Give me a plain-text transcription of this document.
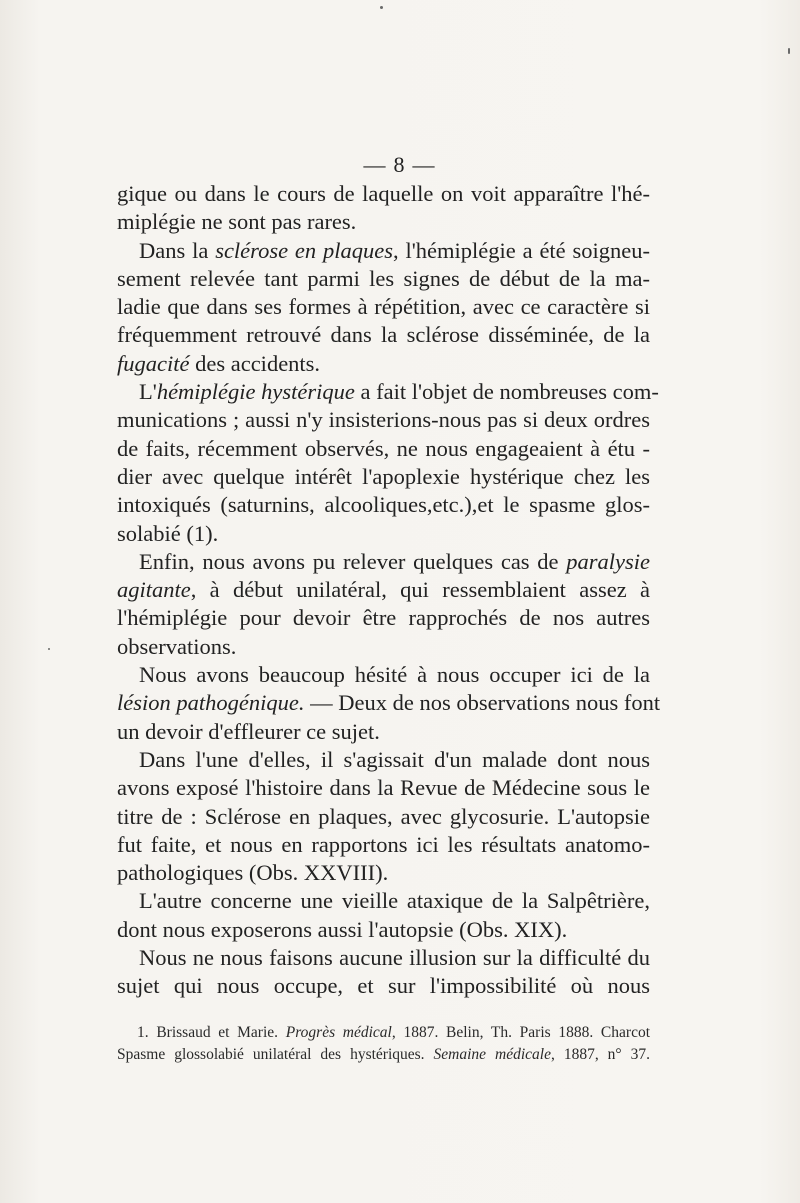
— 8 —

gique ou dans le cours de laquelle on voit apparaître l'hé-
miplégie ne sont pas rares.

Dans la sclérose en plaques, l'hémiplégie a été soigneu-
sement relevée tant parmi les signes de début de la ma-
ladie que dans ses formes à répétition, avec ce caractère si
fréquemment retrouvé dans la sclérose disséminée, de la
fugacité des accidents.

L'hémiplégie hystérique a fait l'objet de nombreuses com-
munications ; aussi n'y insisterions-nous pas si deux ordres
de faits, récemment observés, ne nous engageaient à étu -
dier avec quelque intérêt l'apoplexie hystérique chez les
intoxiqués (saturnins, alcooliques,etc.),et le spasme glos-
solabié (1).

Enfin, nous avons pu relever quelques cas de paralysie
agitante, à début unilatéral, qui ressemblaient assez à
l'hémiplégie pour devoir être rapprochés de nos autres
observations.

Nous avons beaucoup hésité à nous occuper ici de la
lésion pathogénique. — Deux de nos observations nous font
un devoir d'effleurer ce sujet.

Dans l'une d'elles, il s'agissait d'un malade dont nous
avons exposé l'histoire dans la Revue de Médecine sous le
titre de : Sclérose en plaques, avec glycosurie. L'autopsie
fut faite, et nous en rapportons ici les résultats anatomo-
pathologiques (Obs. XXVIII).

L'autre concerne une vieille ataxique de la Salpêtrière,
dont nous exposerons aussi l'autopsie (Obs. XIX).

Nous ne nous faisons aucune illusion sur la difficulté du
sujet qui nous occupe, et sur l'impossibilité où nous

1. Brissaud et Marie. Progrès médical, 1887. Belin, Th. Paris 1888. Charcot
Spasme glossolabié unilatéral des hystériques. Semaine médicale, 1887, n° 37.
